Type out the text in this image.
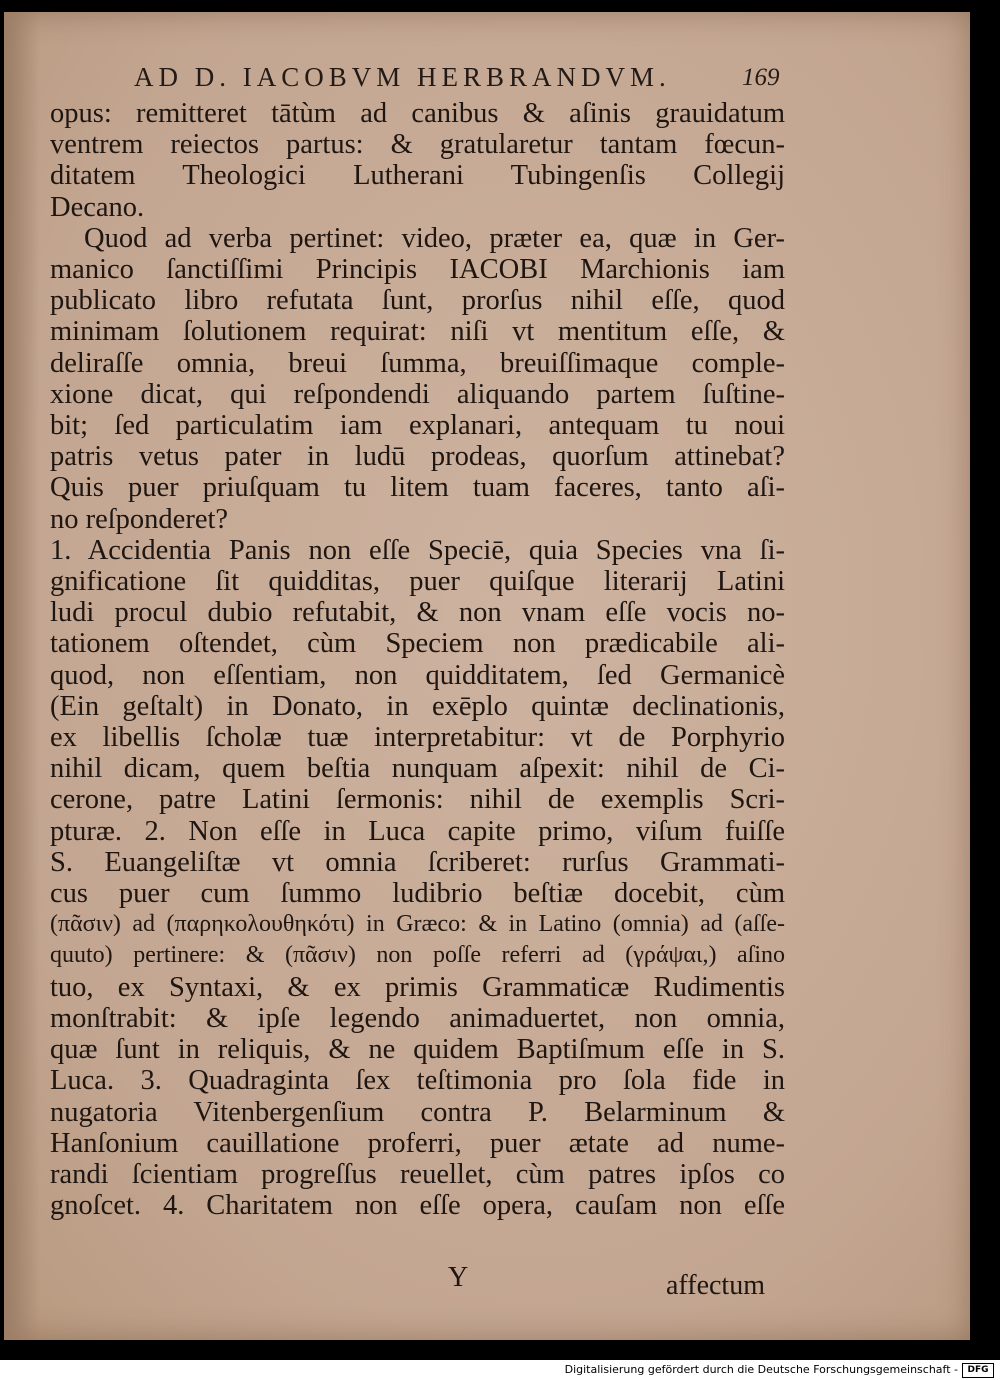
AD D. IACOBVM HERBRANDVM.	169
opus: remitteret tātùm ad canibus & aſinis grauidatum
ventrem reiectos partus: & gratularetur tantam fœcun-
ditatem Theologici Lutherani Tubingenſis Collegij
Decano.
Quod ad verba pertinet: video, præter ea, quæ in Ger-
manico ſanctiſſimi Principis IACOBI Marchionis iam
publicato libro refutata ſunt, prorſus nihil eſſe, quod
minimam ſolutionem requirat: niſi vt mentitum eſſe, &
deliraſſe omnia, breui ſumma, breuiſſimaque comple-
xione dicat, qui reſpondendi aliquando partem ſuſtine-
bit; ſed particulatim iam explanari, antequam tu noui
patris vetus pater in ludū prodeas, quorſum attinebat?
Quis puer priuſquam tu litem tuam faceres, tanto aſi-
no reſponderet?
1. Accidentia Panis non eſſe Speciē, quia Species vna ſi-
gnificatione ſit quidditas, puer quiſque literarij Latini
ludi procul dubio refutabit, & non vnam eſſe vocis no-
tationem oſtendet, cùm Speciem non prædicabile ali-
quod, non eſſentiam, non quidditatem, ſed Germanicè
(Ein geſtalt) in Donato, in exēplo quintæ declinationis,
ex libellis ſcholæ tuæ interpretabitur: vt de Porphyrio
nihil dicam, quem beſtia nunquam aſpexit: nihil de Ci-
cerone, patre Latini ſermonis: nihil de exemplis Scri-
pturæ. 2. Non eſſe in Luca capite primo, viſum fuiſſe
S. Euangeliſtæ vt omnia ſcriberet: rurſus Grammati-
cus puer cum ſummo ludibrio beſtiæ docebit, cùm
(πᾶσιν) ad (παρηκολουθηκότι) in Græco: & in Latino (omnia) ad (aſſe-
quuto) pertinere: & (πᾶσιν) non poſſe referri ad (γράψαι,) aſino
tuo, ex Syntaxi, & ex primis Grammaticæ Rudimentis
monſtrabit: & ipſe legendo animaduertet, non omnia,
quæ ſunt in reliquis, & ne quidem Baptiſmum eſſe in S.
Luca. 3. Quadraginta ſex teſtimonia pro ſola fide in
nugatoria Vitenbergenſium contra P. Belarminum &
Hanſonium cauillatione proferri, puer ætate ad nume-
randi ſcientiam progreſſus reuellet, cùm patres ipſos co
gnoſcet. 4. Charitatem non eſſe opera, cauſam non eſſe
Y	affectum
Digitalisierung gefördert durch die Deutsche Forschungsgemeinschaft -	DFG
